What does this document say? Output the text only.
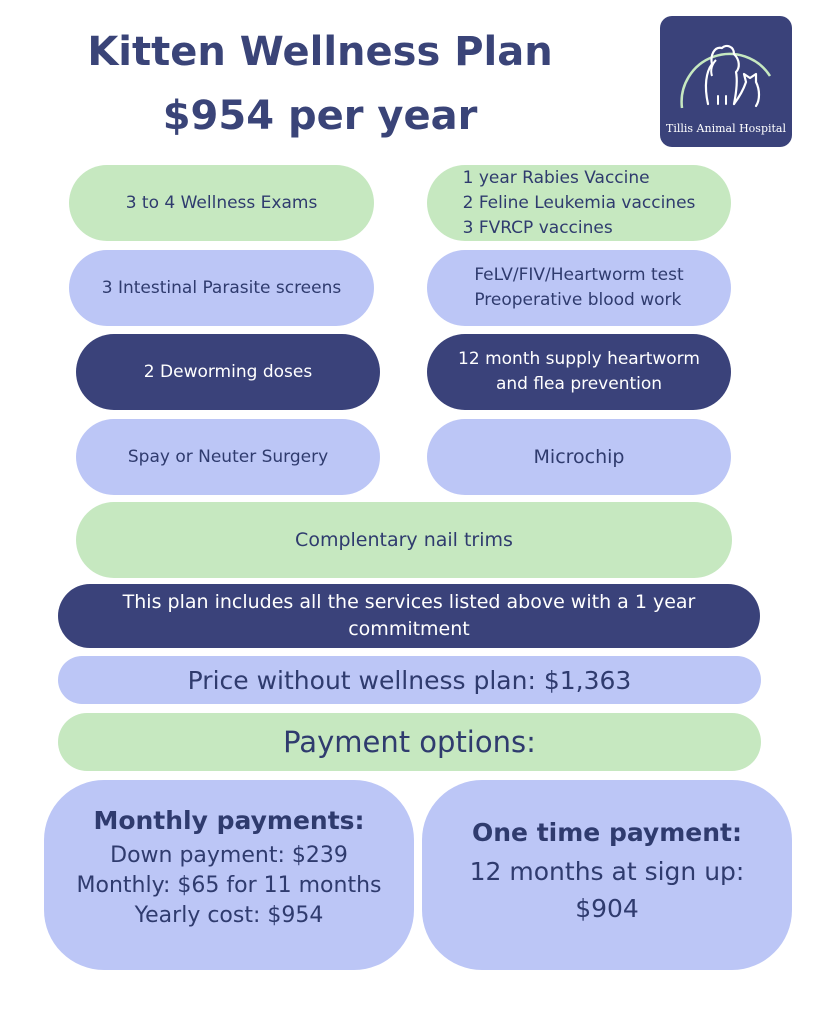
Kitten Wellness Plan
$954 per year	Tillis Animal Hospital
3 to 4 Wellness Exams
1 year Rabies Vaccine
2 Feline Leukemia vaccines
3 FVRCP vaccines
3 Intestinal Parasite screens
FeLV/FIV/Heartworm test
Preoperative blood work
2 Deworming doses
12 month supply heartworm
and flea prevention
Spay or Neuter Surgery	Microchip
Complentary nail trims
This plan includes all the services listed above with a 1 year
commitment
Price without wellness plan: $1,363
Payment options:
Monthly payments:
Down payment: $239
Monthly: $65 for 11 months
Yearly cost: $954
One time payment:
12 months at sign up:
$904
